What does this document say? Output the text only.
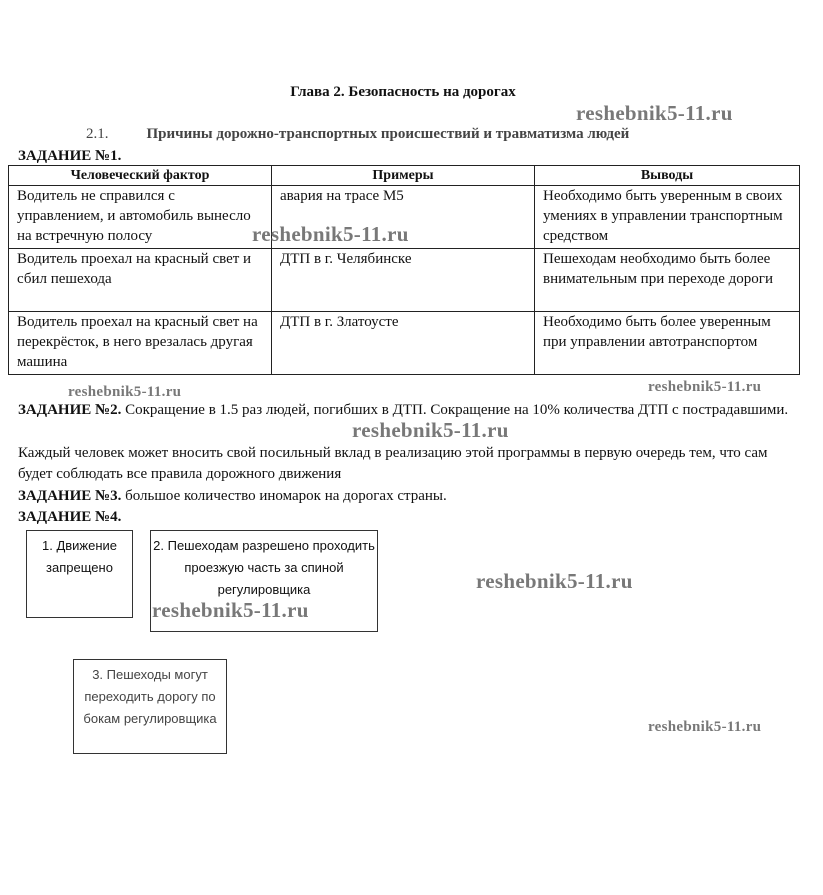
Глава 2. Безопасность на дорогах
2.1.	Причины дорожно-транспортных происшествий и травматизма людей
ЗАДАНИЕ №1.
Человеческий фактор	Примеры	Выводы
Водитель не справился с управлением, и автомобиль вынесло на встречную полосу	авария на трасе М5	Необходимо быть уверенным в своих умениях в управлении транспортным средством
Водитель проехал на красный свет и сбил пешехода	ДТП в г. Челябинске	Пешеходам необходимо быть более внимательным при переходе дороги
Водитель проехал на красный свет на перекрёсток, в него врезалась другая машина	ДТП в г. Златоусте	Необходимо быть более уверенным при управлении автотранспортом
ЗАДАНИЕ №2. Сокращение в 1.5 раз людей, погибших в ДТП. Сокращение на 10% количества ДТП с пострадавшими.
Каждый человек может вносить свой посильный вклад в реализацию этой программы в первую очередь тем, что сам будет соблюдать все правила дорожного движения
ЗАДАНИЕ №3. большое количество иномарок на дорогах страны.
ЗАДАНИЕ №4.
1. Движение запрещено
2. Пешеходам разрешено проходить проезжую часть за спиной регулировщика
3. Пешеходы могут переходить дорогу по бокам регулировщика
reshebnik5-11.ru
reshebnik5-11.ru
reshebnik5-11.ru	reshebnik5-11.ru
reshebnik5-11.ru
reshebnik5-11.ru
reshebnik5-11.ru
reshebnik5-11.ru
